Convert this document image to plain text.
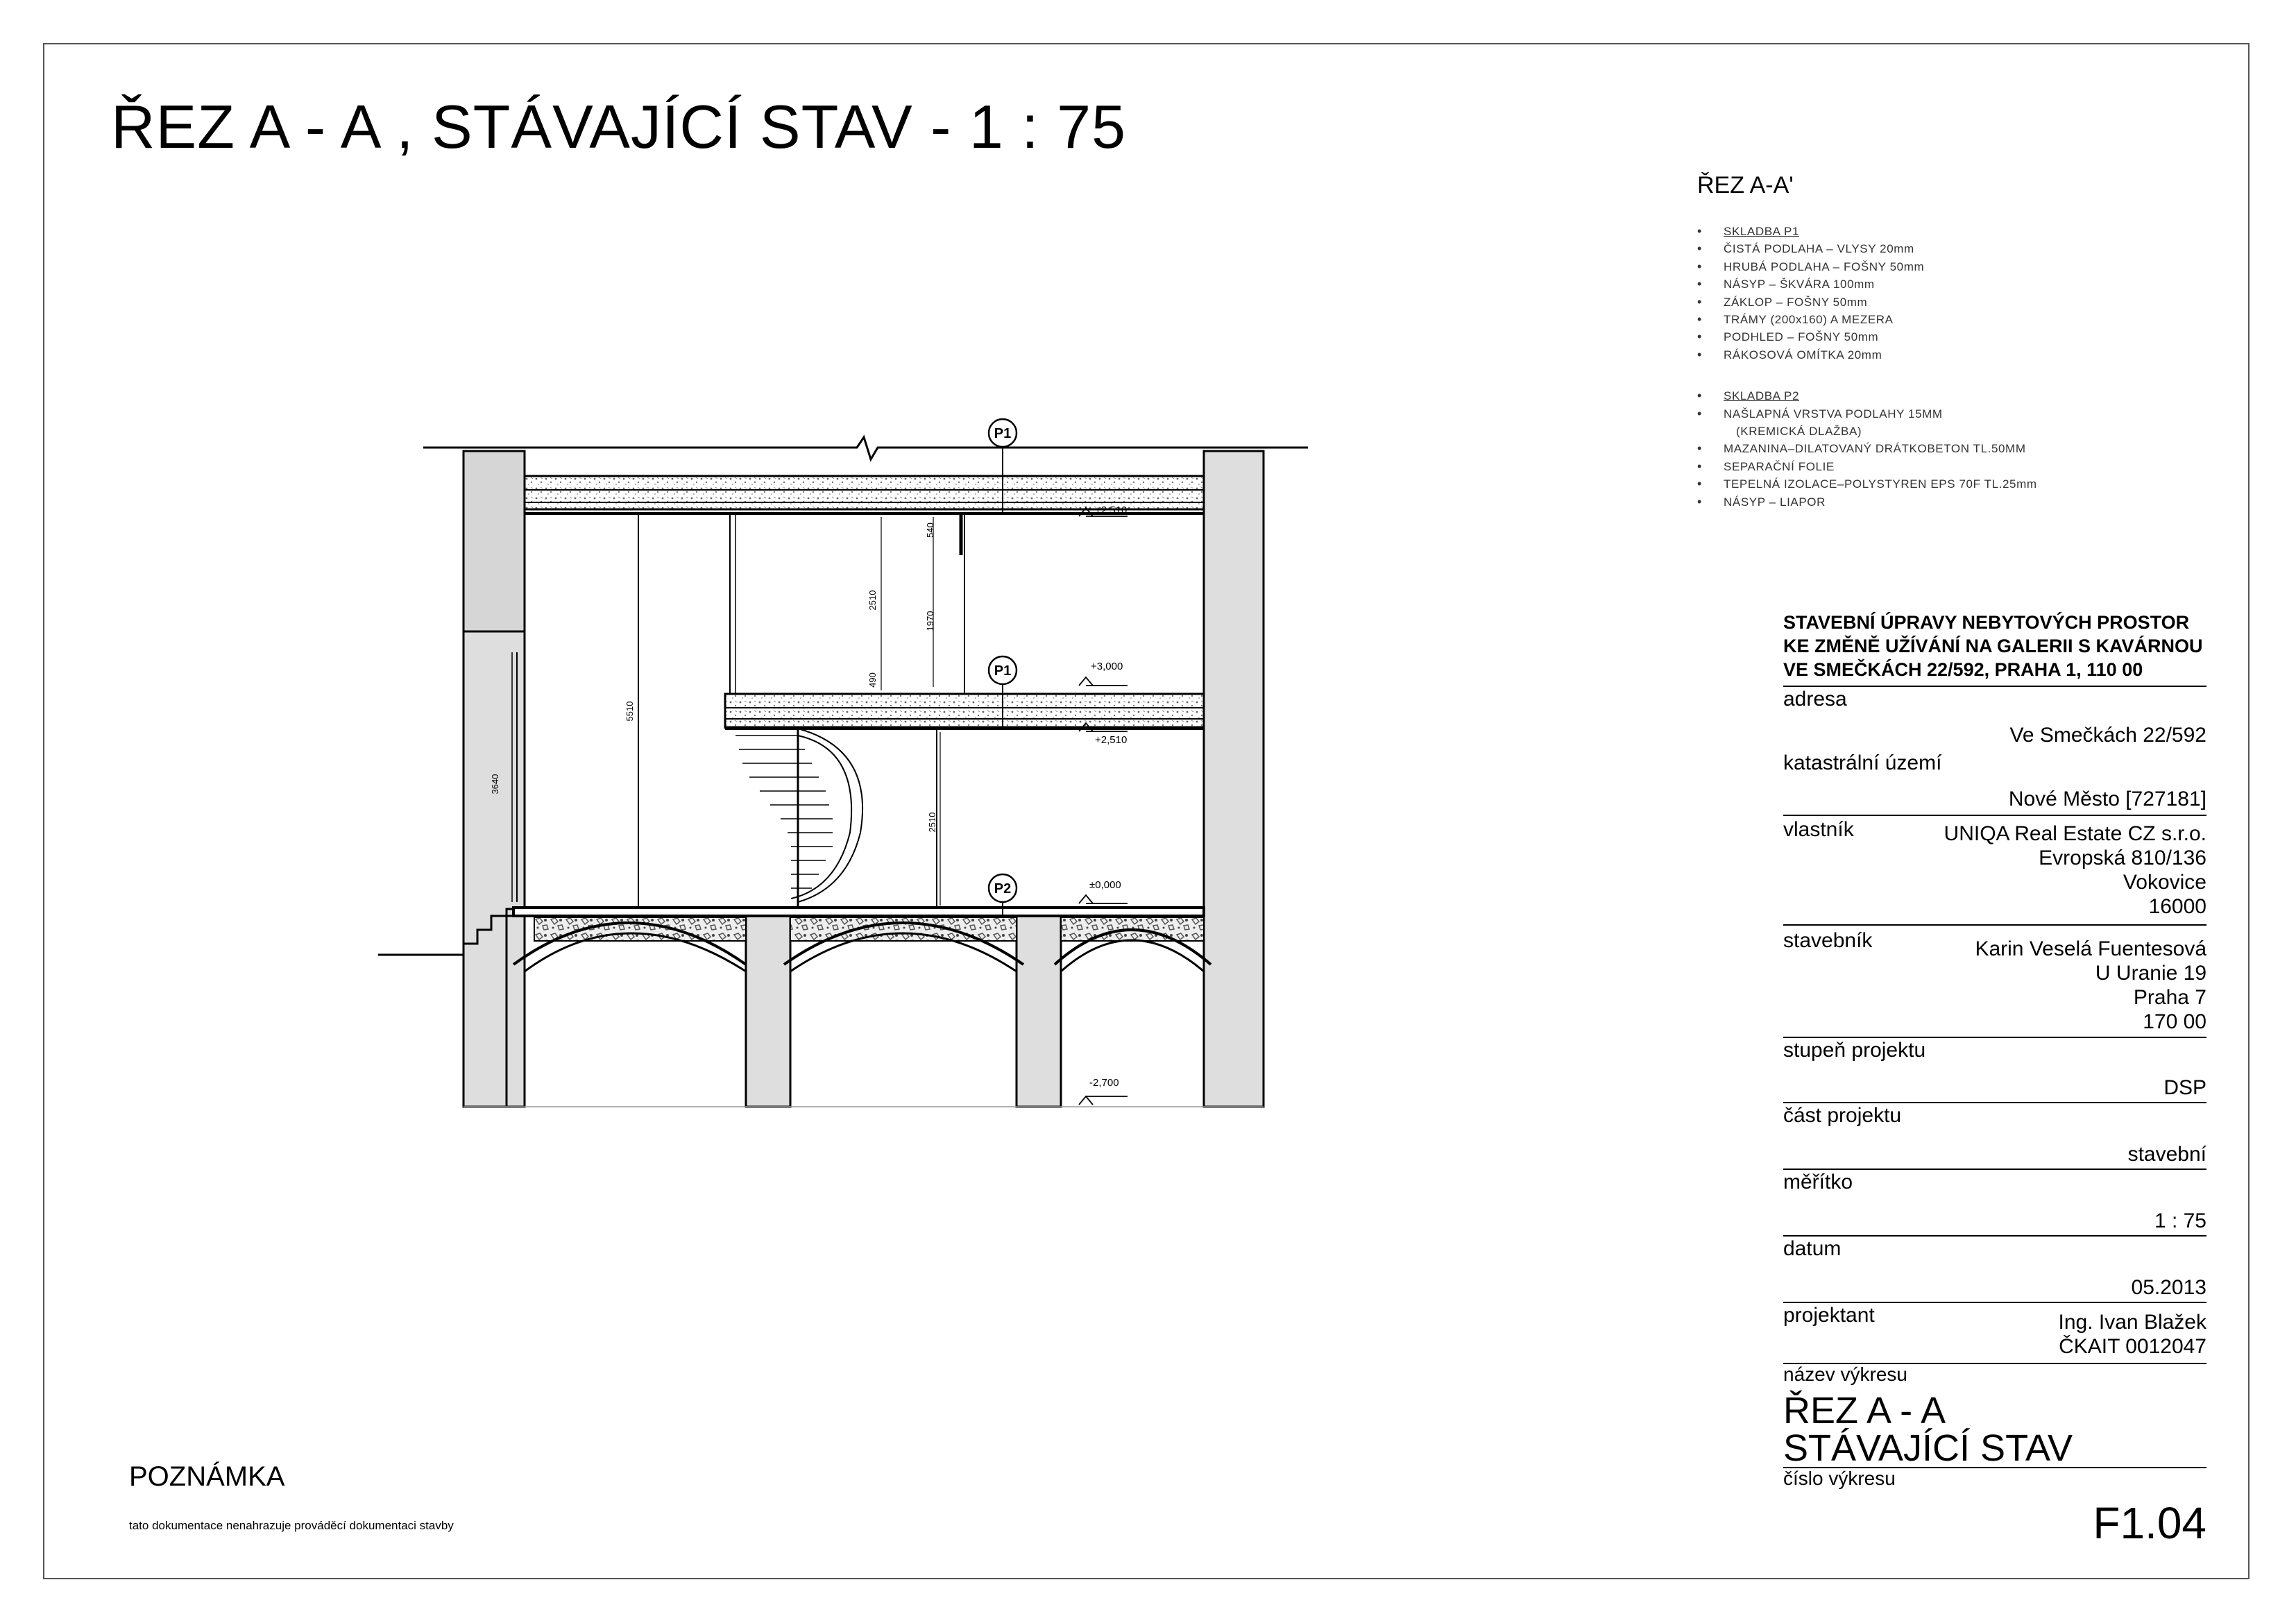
ŘEZ A - A , STÁVAJÍCÍ STAV - 1 : 75
P1
P1
P2
+2,510
+3,000
+2,510
±0,000
-2,700
3640
5510
2510
540
1970
490
2510
ŘEZ A-A'
• SKLADBA P1
• ČISTÁ PODLAHA – VLYSY 20mm
• HRUBÁ PODLAHA – FOŠNY 50mm
• NÁSYP – ŠKVÁRA 100mm
• ZÁKLOP – FOŠNY 50mm
• TRÁMY (200x160) A MEZERA
• PODHLED – FOŠNY 50mm
• RÁKOSOVÁ OMÍTKA 20mm
• SKLADBA P2
• NAŠLAPNÁ VRSTVA PODLAHY 15MM
(KREMICKÁ DLAŽBA)
• MAZANINA–DILATOVANÝ DRÁTKOBETON TL.50MM
• SEPARAČNÍ FOLIE
• TEPELNÁ IZOLACE–POLYSTYREN EPS 70F TL.25mm
• NÁSYP – LIAPOR
STAVEBNÍ ÚPRAVY NEBYTOVÝCH PROSTOR
KE ZMĚNĚ UŽÍVÁNÍ NA GALERII S KAVÁRNOU
VE SMEČKÁCH 22/592, PRAHA 1, 110 00
adresa
Ve Smečkách 22/592
katastrální území
Nové Město [727181]
vlastník	UNIQA Real Estate CZ s.r.o.
Evropská 810/136
Vokovice
16000
stavebník	Karin Veselá Fuentesová
U Uranie 19
Praha 7
170 00
stupeň projektu
DSP
část projektu
stavební
měřítko
1 : 75
datum
05.2013
projektant	Ing. Ivan Blažek
ČKAIT 0012047
název výkresu
ŘEZ A - A
STÁVAJÍCÍ STAV
číslo výkresu
F1.04
POZNÁMKA
tato dokumentace nenahrazuje prováděcí dokumentaci stavby
